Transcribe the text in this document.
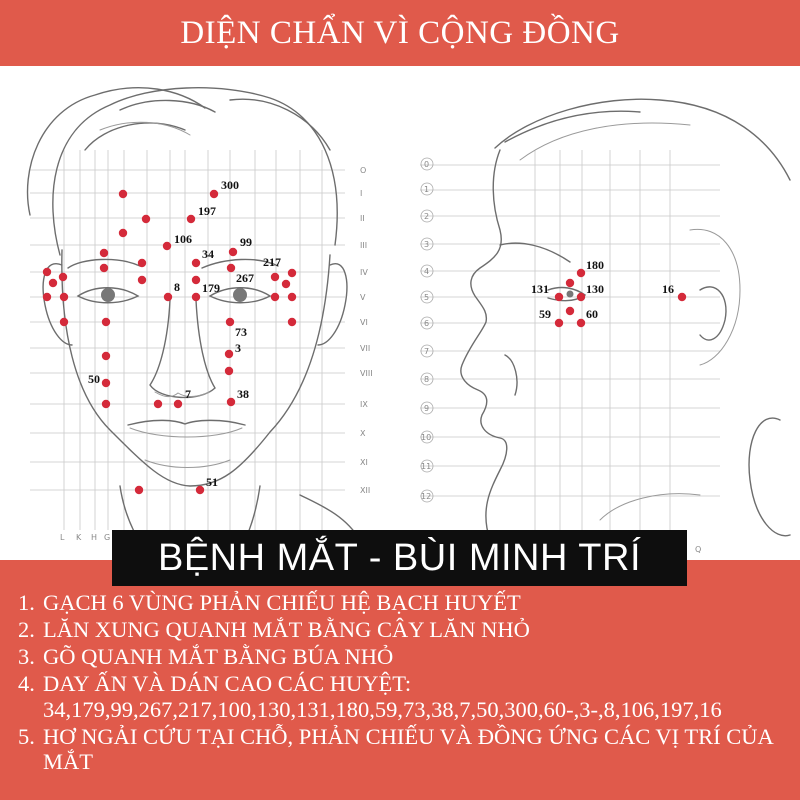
DIỆN CHẨN VÌ CỘNG ĐỒNG
O
I
II
III
IV
V
VI
VII
VIII
IX
X
XI
XII
L K H G
300
197
106
34
99
217
267
179
8
73
3
50
7	38
51
0
1
2
3
4
5
6
7
8
9
10
11
12
Q
180
131	130	16
59	60
BỆNH MẮT - BÙI MINH TRÍ
1. GẠCH 6 VÙNG PHẢN CHIẾU HỆ BẠCH HUYẾT
2. LĂN XUNG QUANH MẮT BẰNG CÂY LĂN NHỎ
3. GÕ QUANH MẮT BẰNG BÚA NHỎ
4. DAY ẤN VÀ DÁN CAO CÁC HUYỆT:
34,179,99,267,217,100,130,131,180,59,73,38,7,50,300,60-,3-,8,106,197,16
5. HƠ NGẢI CỨU TẠI CHỖ, PHẢN CHIẾU VÀ ĐỒNG ỨNG CÁC VỊ TRÍ CỦA MẮT
